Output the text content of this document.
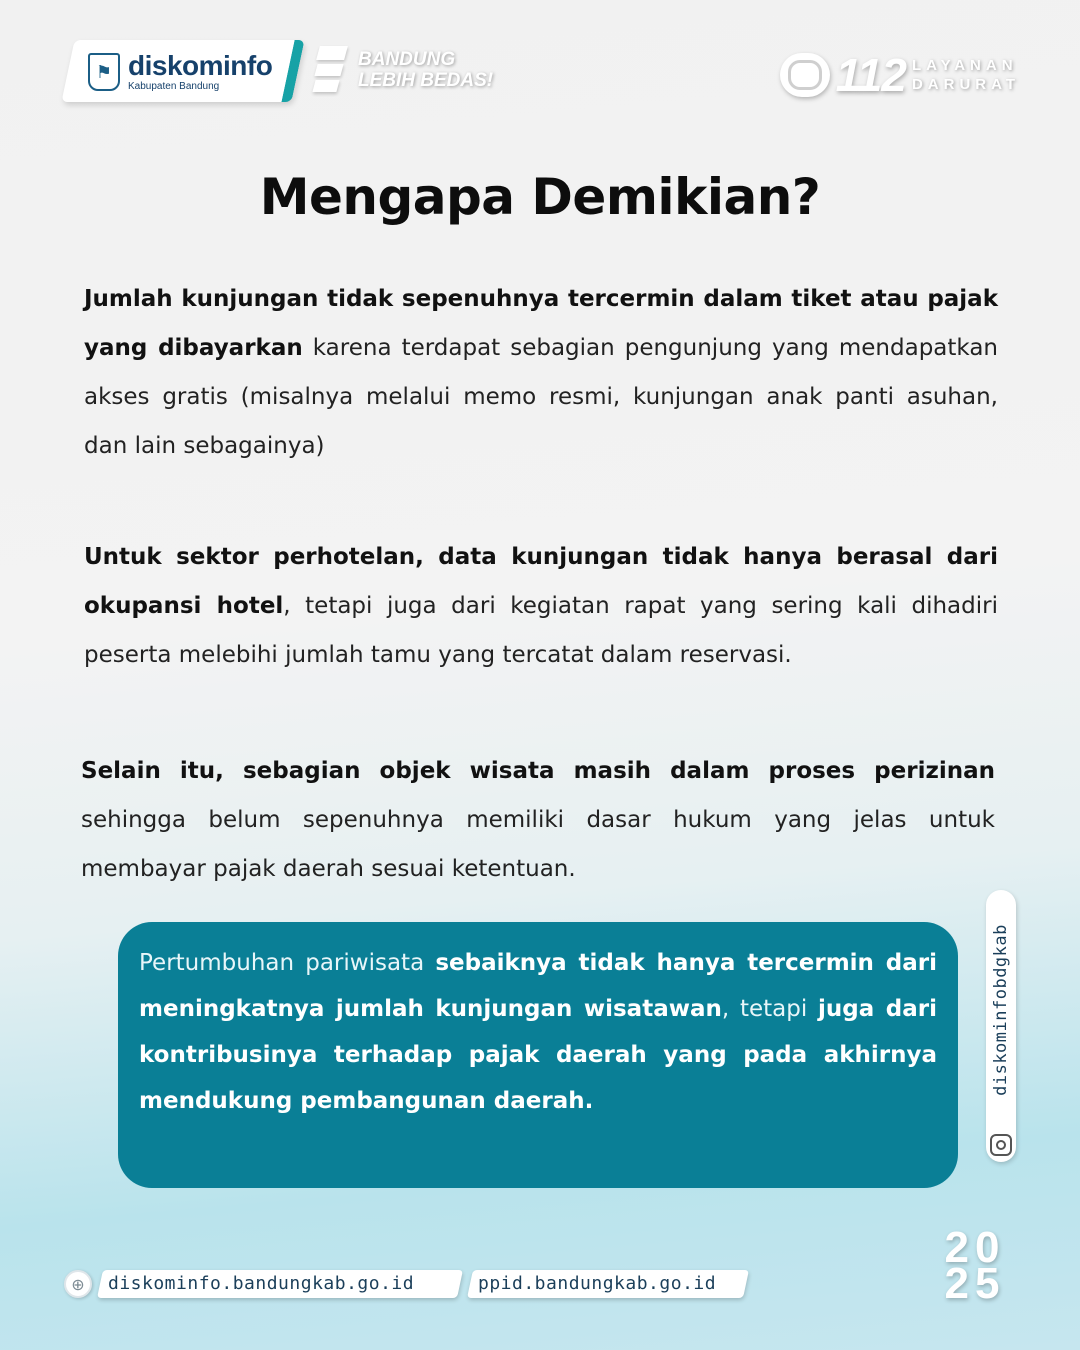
⚑ diskominfo
Kabupaten Bandung
BANDUNG
LEBIH BEDAS!	112 LAYANAN
DARURAT
Mengapa Demikian?

Jumlah kunjungan tidak sepenuhnya tercermin dalam tiket atau pajak yang dibayarkan karena terdapat sebagian pengunjung yang mendapatkan akses gratis (misalnya melalui memo resmi, kunjungan anak panti asuhan, dan lain sebagainya)

Untuk sektor perhotelan, data kunjungan tidak hanya berasal dari okupansi hotel, tetapi juga dari kegiatan rapat yang sering kali dihadiri peserta melebihi jumlah tamu yang tercatat dalam reservasi.

Selain itu, sebagian objek wisata masih dalam proses perizinan sehingga belum sepenuhnya memiliki dasar hukum yang jelas untuk membayar pajak daerah sesuai ketentuan.

Pertumbuhan pariwisata sebaiknya tidak hanya tercermin dari meningkatnya jumlah kunjungan wisatawan, tetapi juga dari kontribusinya terhadap pajak daerah yang pada akhirnya mendukung pembangunan daerah.
diskominfobdgkab
⊕	diskominfo.bandungkab.go.id	ppid.bandungkab.go.id
20
25
